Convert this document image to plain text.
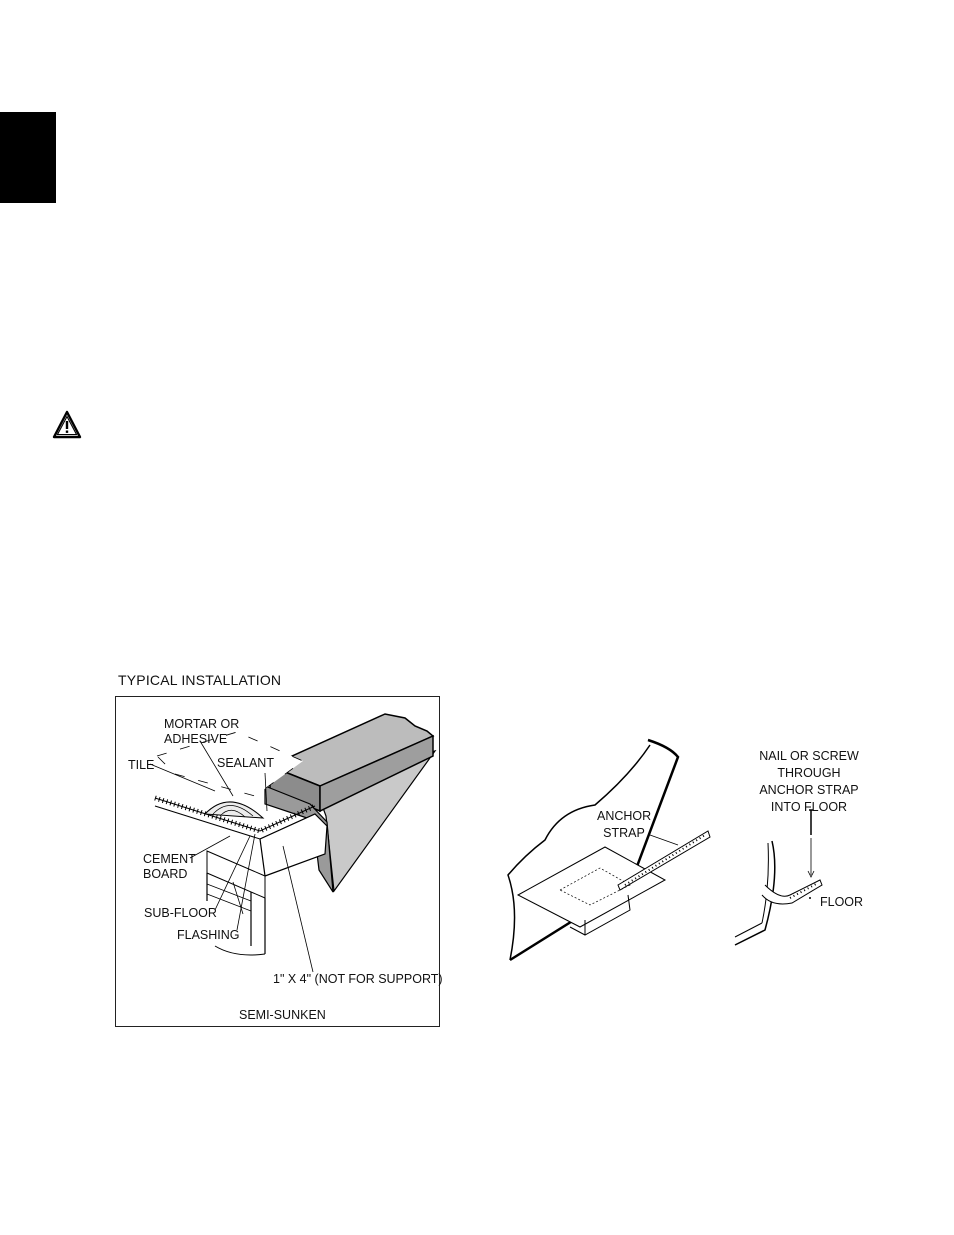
TYPICAL INSTALLATION
MORTAR OR
ADHESIVE
TILE	SEALANT
CEMENT
BOARD
SUB-FLOOR
FLASHING
1" X 4" (NOT FOR SUPPORT)
SEMI-SUNKEN
ANCHOR
STRAP
NAIL OR SCREW
THROUGH
ANCHOR STRAP
INTO FLOOR
FLOOR
